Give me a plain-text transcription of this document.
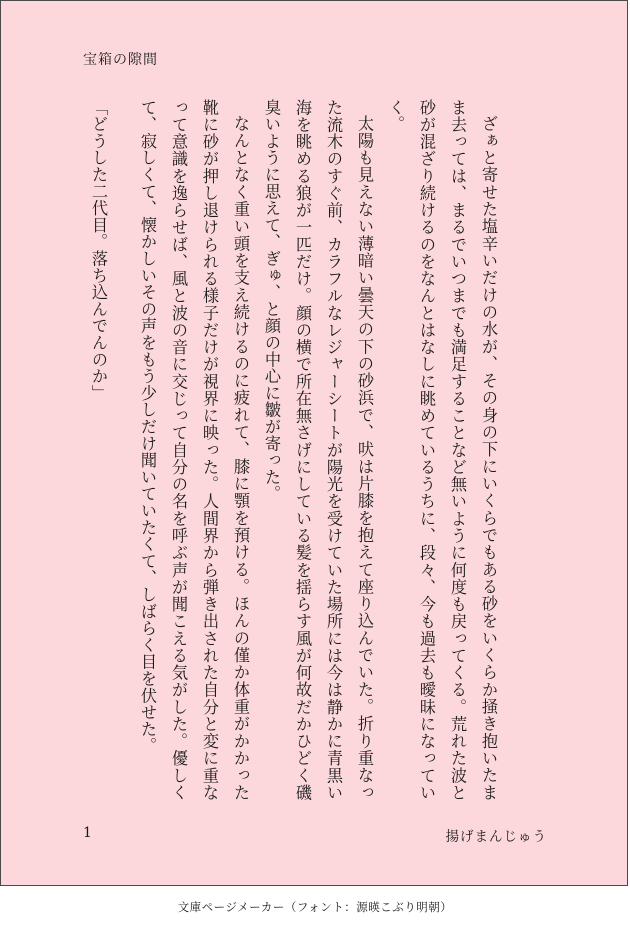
宝箱の隙間

ざぁと寄せた塩辛いだけの水が、その身の下にいくらでもある砂をいくらか掻き抱いたまま去っては、まるでいつまでも満足することなど無いように何度も戻ってくる。荒れた波と砂が混ざり続けるのをなんとはなしに眺めているうちに、段々、今も過去も曖昧になっていく。

太陽も見えない薄暗い曇天の下の砂浜で、吠は片膝を抱えて座り込んでいた。折り重なった流木のすぐ前、カラフルなレジャーシートが陽光を受けていた場所には今は静かに青黒い海を眺める狼が一匹だけ。顔の横で所在無さげにしている髪を揺らす風が何故だかひどく磯臭いように思えて、ぎゅ、と顔の中心に皺が寄った。

なんとなく重い頭を支え続けるのに疲れて、膝に顎を預ける。ほんの僅か体重がかかった靴に砂が押し退けられる様子だけが視界に映った。人間界から弾き出された自分と変に重なって意識を逸らせば、風と波の音に交じって自分の名を呼ぶ声が聞こえる気がした。優しくて、寂しくて、懐かしいその声をもう少しだけ聞いていたくて、しばらく目を伏せた。

「どうした二代目。落ち込んでんのか」

1	揚げまんじゅう
文庫ページメーカー（フォント：源暎こぶり明朝）
